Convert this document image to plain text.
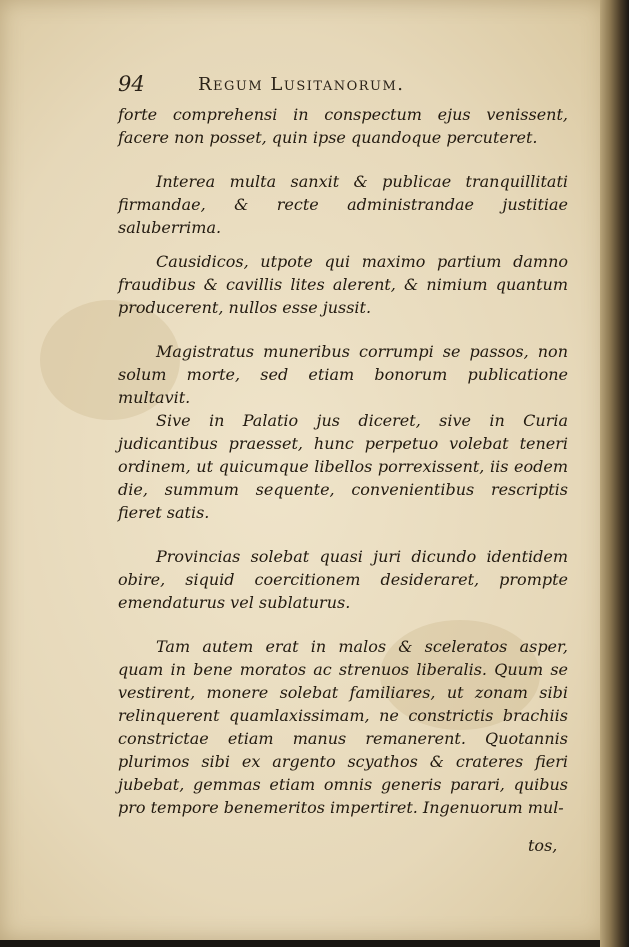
94	Regum Lusitanorum.

forte comprehensi in conspectum ejus venissent, facere non posset, quin ipse quandoque percuteret.

Interea multa sanxit & publicae tranquillitati firmandae, & recte administrandae justitiae saluberrima.

Causidicos, utpote qui maximo partium damno fraudibus & cavillis lites alerent, & nimium quantum producerent, nullos esse jussit.

Magistratus muneribus corrumpi se passos, non solum morte, sed etiam bonorum publicatione multavit.

Sive in Palatio jus diceret, sive in Curia judicantibus praesset, hunc perpetuo volebat teneri ordinem, ut quicumque libellos porrexissent, iis eodem die, summum sequente, convenientibus rescriptis fieret satis.

Provincias solebat quasi juri dicundo identidem obire, siquid coercitionem desideraret, prompte emendaturus vel sublaturus.

Tam autem erat in malos & sceleratos asper, quam in bene moratos ac strenuos liberalis. Quum se vestirent, monere solebat familiares, ut zonam sibi relinquerent quamlaxissimam, ne constrictis brachiis constrictae etiam manus remanerent. Quotannis plurimos sibi ex argento scyathos & crateres fieri jubebat, gemmas etiam omnis generis parari, quibus pro tempore benemeritos impertiret. Ingenuorum mul-

tos,
